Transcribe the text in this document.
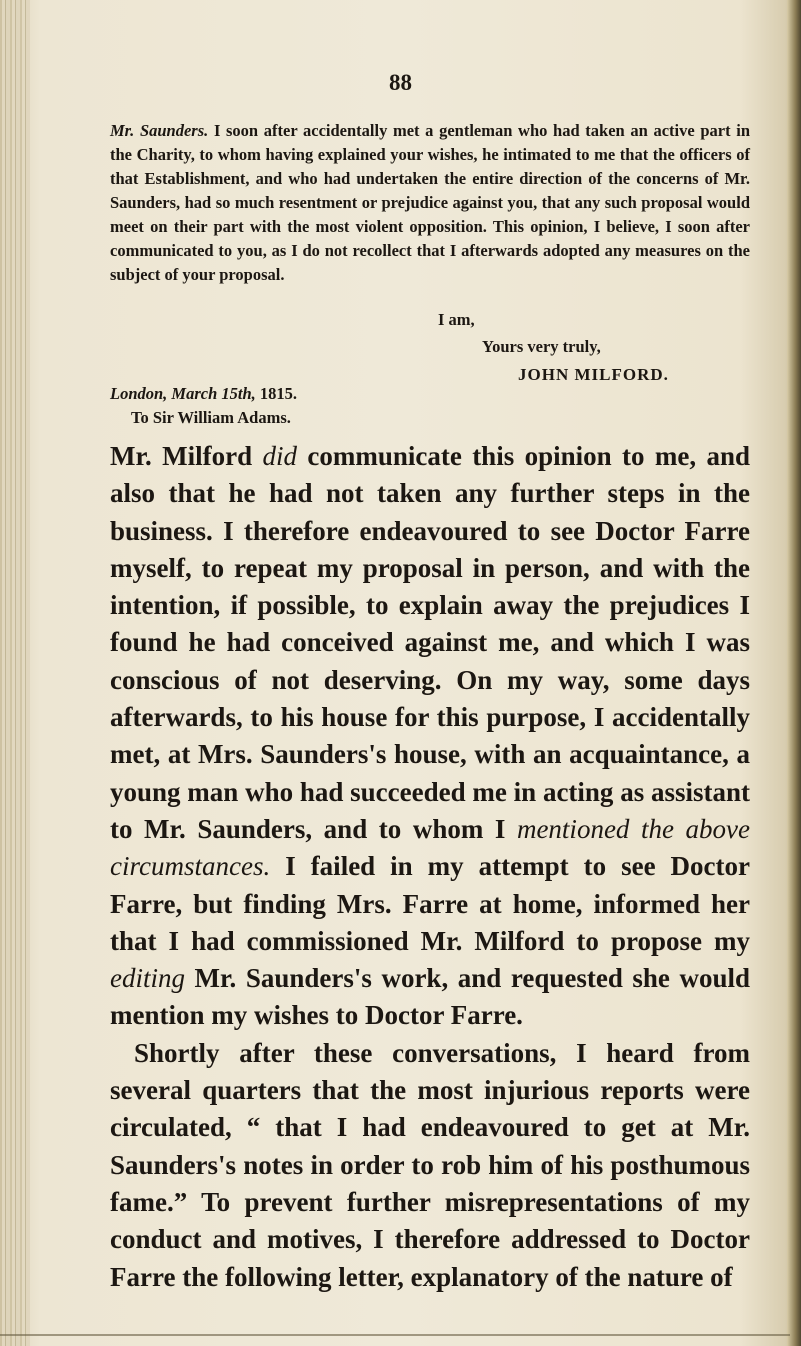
88
Mr. Saunders. I soon after accidentally met a gentleman who had taken an active part in the Charity, to whom having explained your wishes, he intimated to me that the officers of that Establishment, and who had undertaken the entire direction of the concerns of Mr. Saunders, had so much resentment or prejudice against you, that any such proposal would meet on their part with the most violent opposition. This opinion, I believe, I soon after communicated to you, as I do not recollect that I afterwards adopted any measures on the subject of your proposal.
I am,
Yours very truly,
JOHN MILFORD.
London, March 15th, 1815.
To Sir William Adams.

Mr. Milford did communicate this opinion to me, and also that he had not taken any further steps in the business. I therefore endeavoured to see Doctor Farre myself, to repeat my proposal in person, and with the intention, if possible, to explain away the prejudices I found he had conceived against me, and which I was conscious of not deserving. On my way, some days afterwards, to his house for this purpose, I accidentally met, at Mrs. Saunders's house, with an acquaintance, a young man who had succeeded me in acting as assistant to Mr. Saunders, and to whom I mentioned the above circumstances. I failed in my attempt to see Doctor Farre, but finding Mrs. Farre at home, informed her that I had commissioned Mr. Milford to propose my editing Mr. Saunders's work, and requested she would mention my wishes to Doctor Farre.

Shortly after these conversations, I heard from several quarters that the most injurious reports were circulated, “ that I had endeavoured to get at Mr. Saunders's notes in order to rob him of his posthumous fame.” To prevent further misrepresentations of my conduct and motives, I therefore addressed to Doctor Farre the following letter, explanatory of the nature of
